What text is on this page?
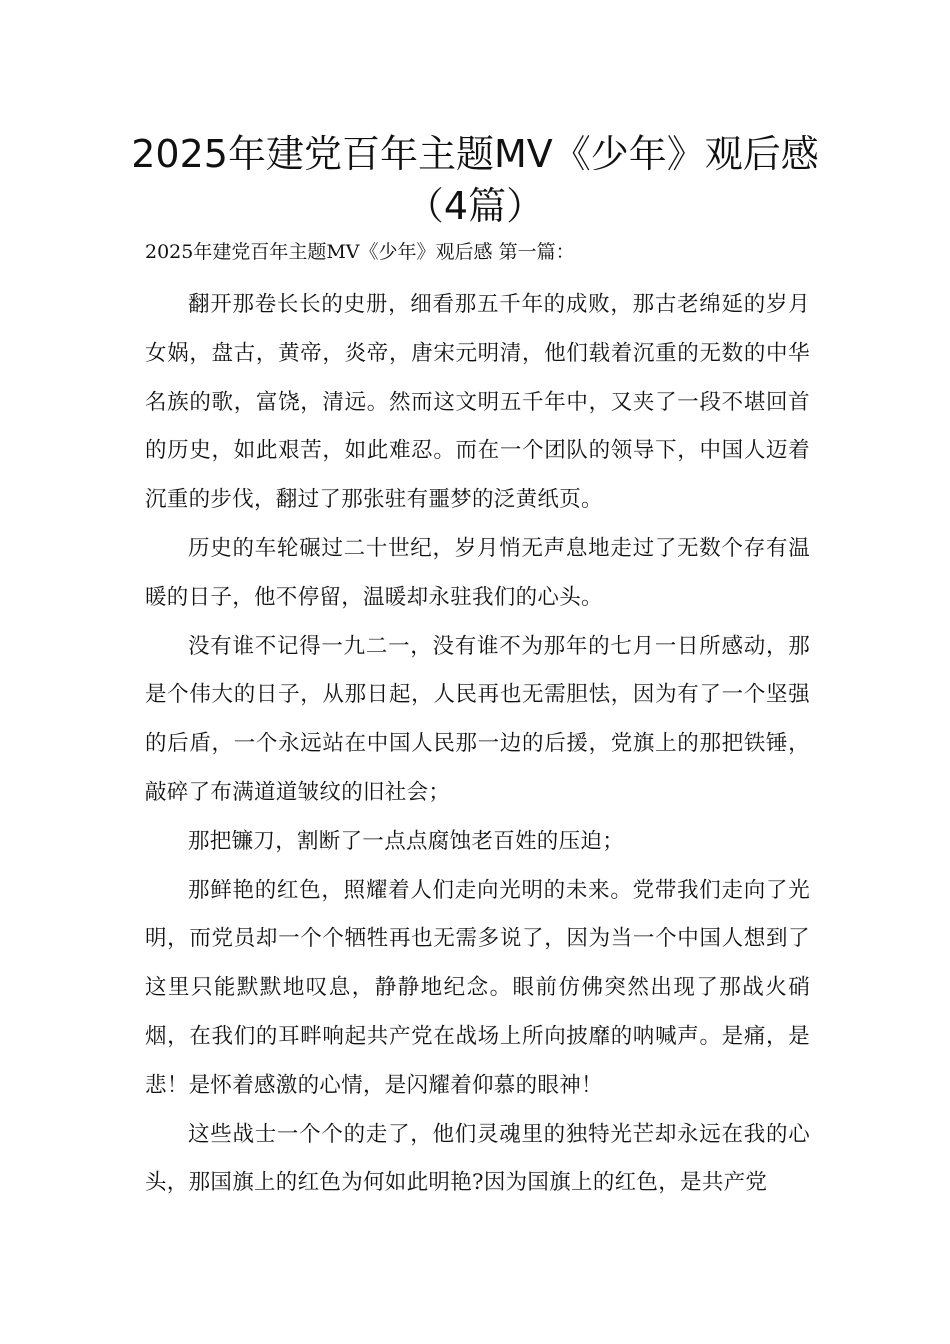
2025年建党百年主题MV《少年》观后感（4篇）
2025年建党百年主题MV《少年》观后感 第一篇：

翻开那卷长长的史册，细看那五千年的成败，那古老绵延的岁月女娲，盘古，黄帝，炎帝，唐宋元明清，他们载着沉重的无数的中华名族的歌，富饶，清远。然而这文明五千年中，又夹了一段不堪回首的历史，如此艰苦，如此难忍。而在一个团队的领导下，中国人迈着沉重的步伐，翻过了那张驻有噩梦的泛黄纸页。

历史的车轮碾过二十世纪，岁月悄无声息地走过了无数个存有温暖的日子，他不停留，温暖却永驻我们的心头。

没有谁不记得一九二一，没有谁不为那年的七月一日所感动，那是个伟大的日子，从那日起，人民再也无需胆怯，因为有了一个坚强的后盾，一个永远站在中国人民那一边的后援，党旗上的那把铁锤，敲碎了布满道道皱纹的旧社会；

那把镰刀，割断了一点点腐蚀老百姓的压迫；

那鲜艳的红色，照耀着人们走向光明的未来。党带我们走向了光明，而党员却一个个牺牲再也无需多说了，因为当一个中国人想到了这里只能默默地叹息，静静地纪念。眼前仿佛突然出现了那战火硝烟，在我们的耳畔响起共产党在战场上所向披靡的呐喊声。是痛，是悲！是怀着感激的心情，是闪耀着仰慕的眼神！

这些战士一个个的走了，他们灵魂里的独特光芒却永远在我的心头，那国旗上的红色为何如此明艳?因为国旗上的红色，是共产党
